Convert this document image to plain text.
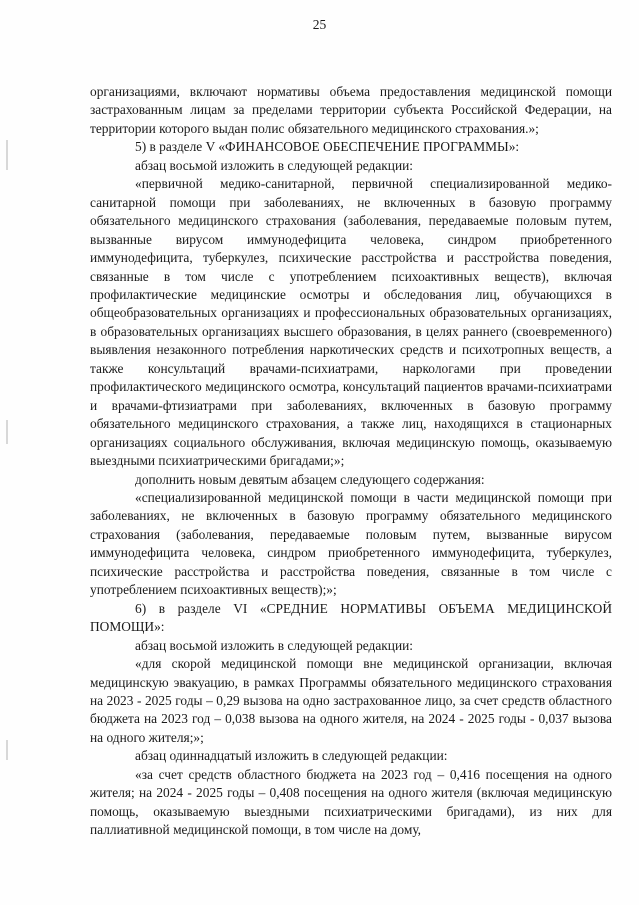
25

организациями, включают нормативы объема предоставления медицинской помощи застрахованным лицам за пределами территории субъекта Российской Федерации, на территории которого выдан полис обязательного медицинского страхования.»;

5) в разделе V «ФИНАНСОВОЕ ОБЕСПЕЧЕНИЕ ПРОГРАММЫ»:

абзац восьмой изложить в следующей редакции:

«первичной медико-санитарной, первичной специализированной медико-санитарной помощи при заболеваниях, не включенных в базовую программу обязательного медицинского страхования (заболевания, передаваемые половым путем, вызванные вирусом иммунодефицита человека, синдром приобретенного иммунодефицита, туберкулез, психические расстройства и расстройства поведения, связанные в том числе с употреблением психоактивных веществ), включая профилактические медицинские осмотры и обследования лиц, обучающихся в общеобразовательных организациях и профессиональных образовательных организациях, в образовательных организациях высшего образования, в целях раннего (своевременного) выявления незаконного потребления наркотических средств и психотропных веществ, а также консультаций врачами-психиатрами, наркологами при проведении профилактического медицинского осмотра, консультаций пациентов врачами-психиатрами и врачами-фтизиатрами при заболеваниях, включенных в базовую программу обязательного медицинского страхования, а также лиц, находящихся в стационарных организациях социального обслуживания, включая медицинскую помощь, оказываемую выездными психиатрическими бригадами;»;

дополнить новым девятым абзацем следующего содержания:

«специализированной медицинской помощи в части медицинской помощи при заболеваниях, не включенных в базовую программу обязательного медицинского страхования (заболевания, передаваемые половым путем, вызванные вирусом иммунодефицита человека, синдром приобретенного иммунодефицита, туберкулез, психические расстройства и расстройства поведения, связанные в том числе с употреблением психоактивных веществ);»;

6) в разделе VI «СРЕДНИЕ НОРМАТИВЫ ОБЪЕМА МЕДИЦИНСКОЙ ПОМОЩИ»:

абзац восьмой изложить в следующей редакции:

«для скорой медицинской помощи вне медицинской организации, включая медицинскую эвакуацию, в рамках Программы обязательного медицинского страхования на 2023 - 2025 годы – 0,29 вызова на одно застрахованное лицо, за счет средств областного бюджета на 2023 год – 0,038 вызова на одного жителя, на 2024 - 2025 годы - 0,037 вызова на одного жителя;»;

абзац одиннадцатый изложить в следующей редакции:

«за счет средств областного бюджета на 2023 год – 0,416 посещения на одного жителя; на 2024 - 2025 годы – 0,408 посещения на одного жителя (включая медицинскую помощь, оказываемую выездными психиатрическими бригадами), из них для паллиативной медицинской помощи, в том числе на дому,
